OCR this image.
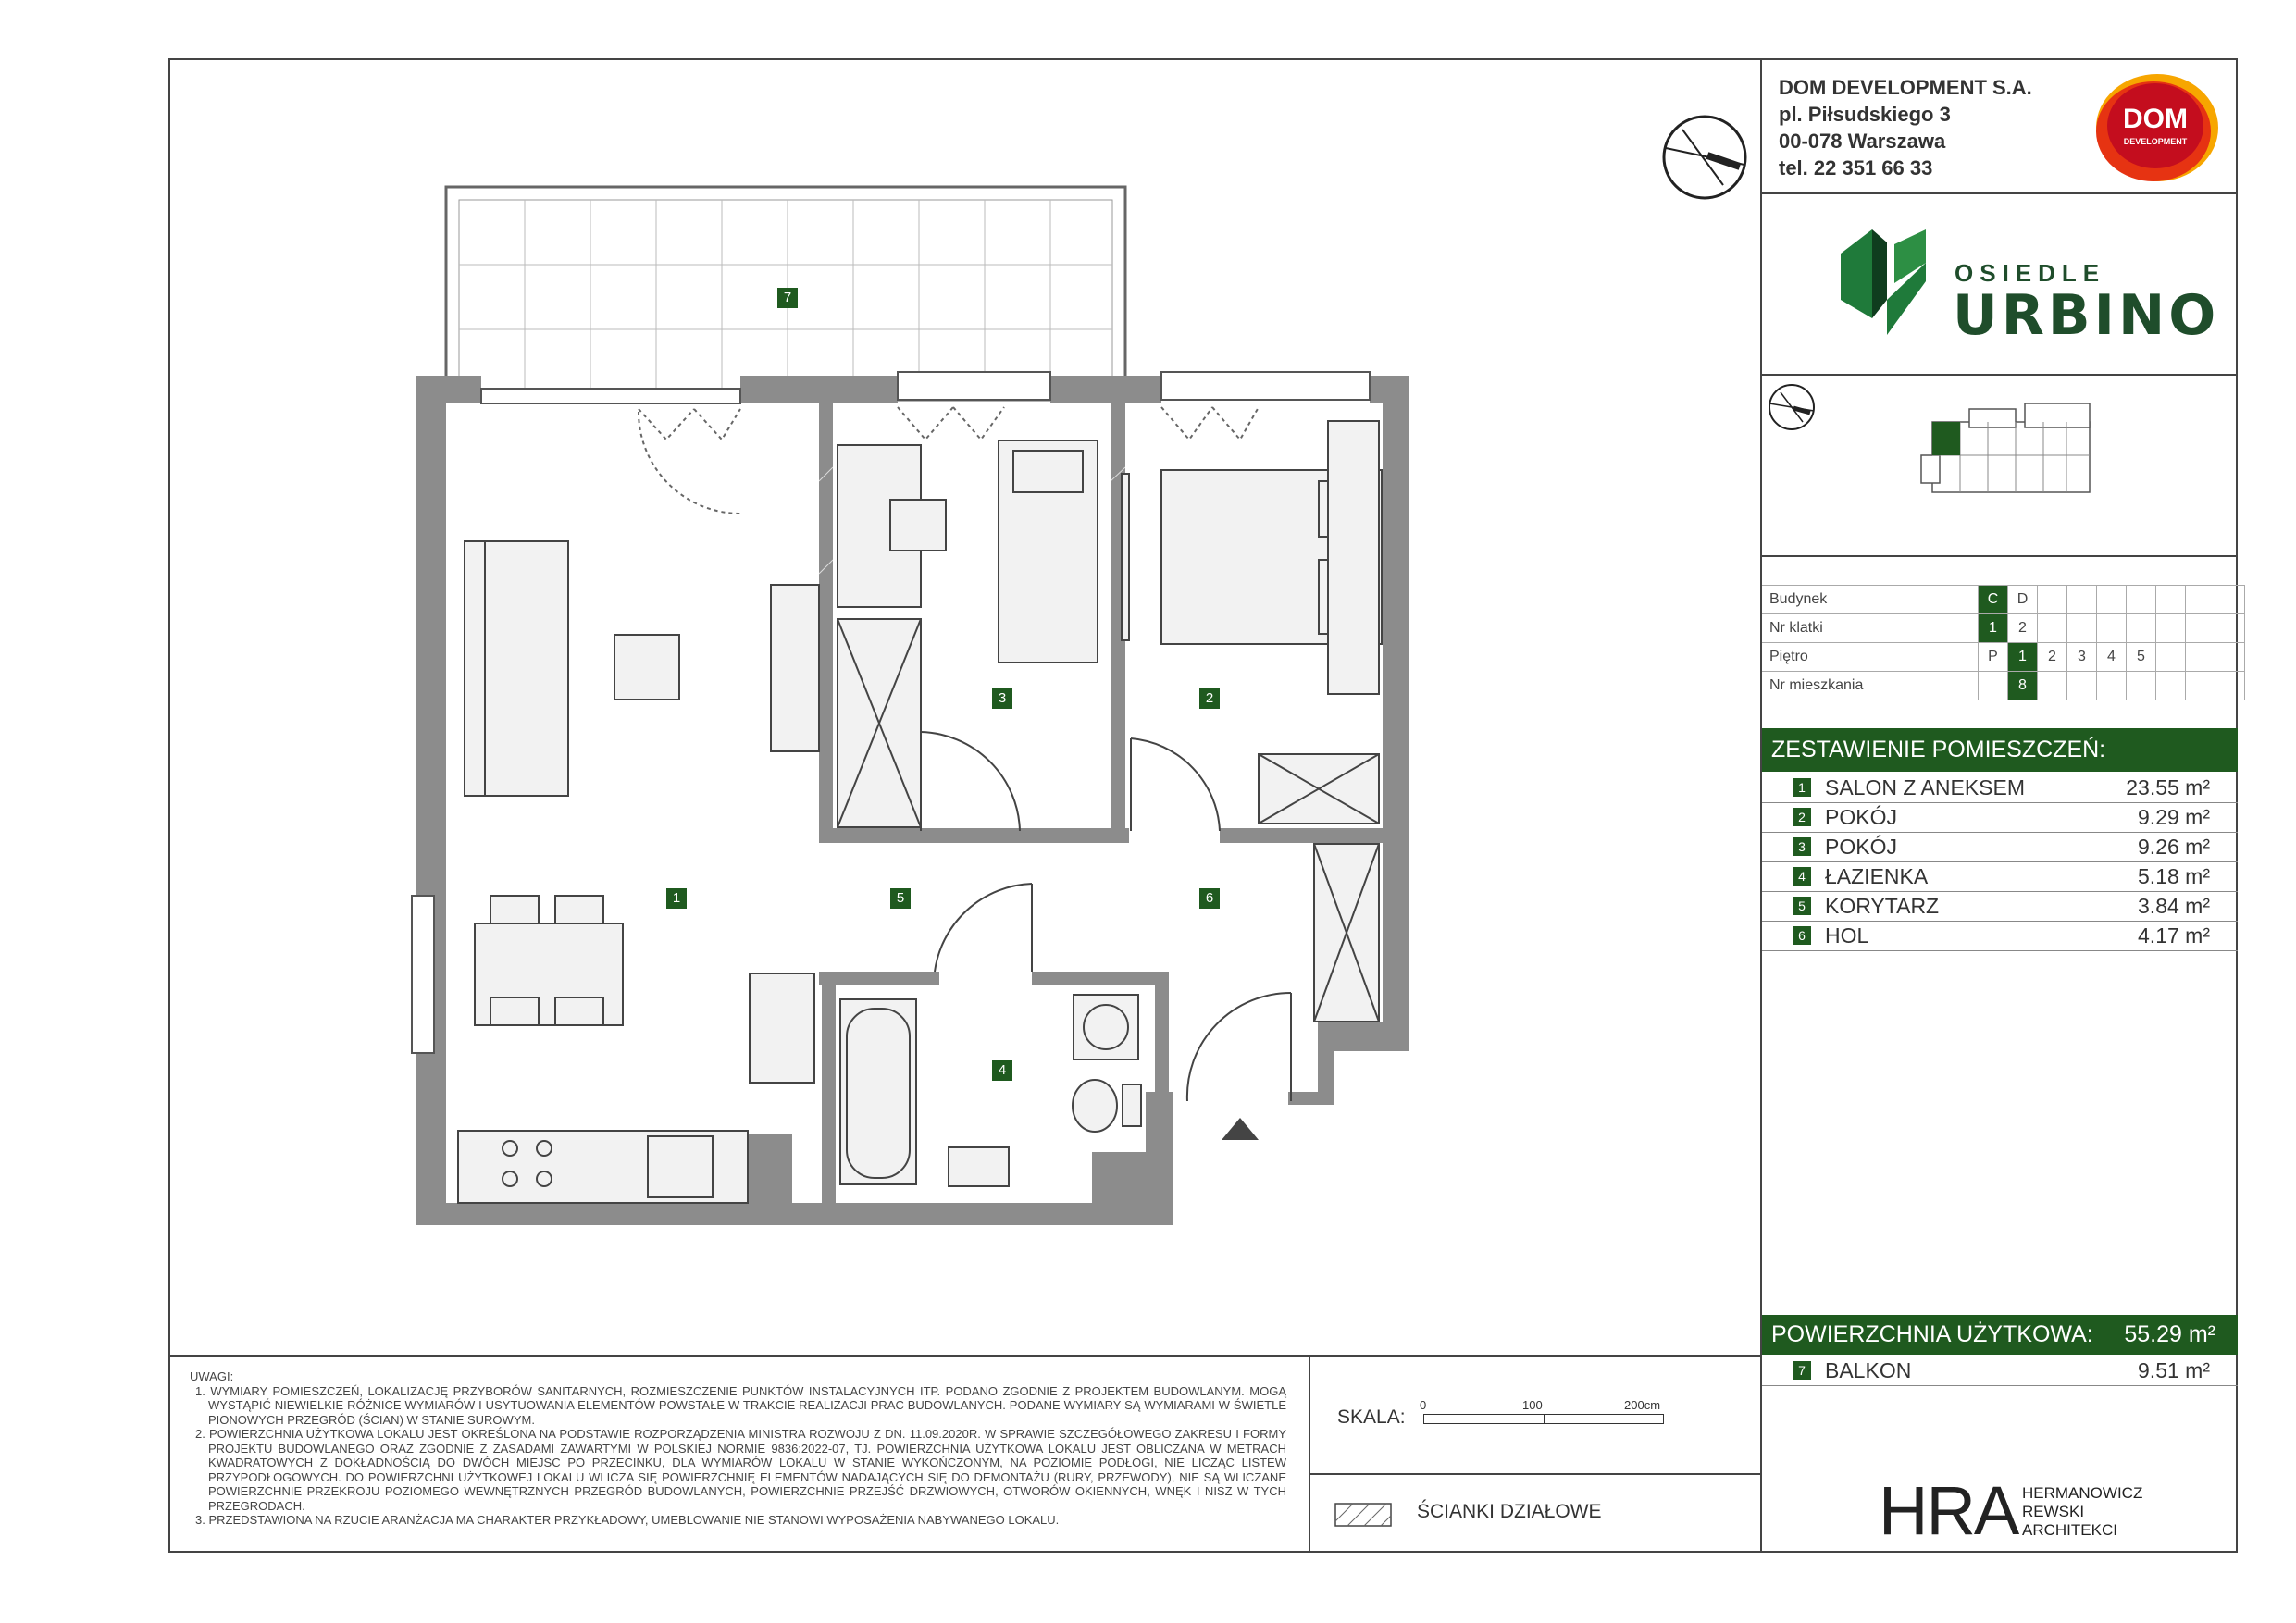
7
3	2
1	5	6
4
DOM DEVELOPMENT S.A.
pl. Piłsudskiego 3
00-078 Warszawa
tel. 22 351 66 33
DOM
DEVELOPMENT
OSIEDLE
URBINO
Budynek	C	D							
Nr klatki	1	2							
Piętro	P	1	2	3	4	5			
Nr mieszkania		8							
ZESTAWIENIE POMIESZCZEŃ:
1 SALON Z ANEKSEM	23.55 m²
2 POKÓJ	9.29 m²
3 POKÓJ	9.26 m²
4 ŁAZIENKA	5.18 m²
5 KORYTARZ	3.84 m²
6 HOL	4.17 m²
POWIERZCHNIA UŻYTKOWA: 55.29 m²
7 BALKON	9.51 m²

UWAGI:

1. WYMIARY POMIESZCZEŃ, LOKALIZACJĘ PRZYBORÓW SANITARNYCH, ROZMIESZCZENIE PUNKTÓW INSTALACYJNYCH ITP. PODANO ZGODNIE Z PROJEKTEM BUDOWLANYM. MOGĄ WYSTĄPIĆ NIEWIELKIE RÓŻNICE WYMIARÓW I USYTUOWANIA ELEMENTÓW POWSTAŁE W TRAKCIE REALIZACJI PRAC BUDOWLANYCH. PODANE WYMIARY SĄ WYMIARAMI W ŚWIETLE PIONOWYCH PRZEGRÓD (ŚCIAN) W STANIE SUROWYM.

2. POWIERZCHNIA UŻYTKOWA LOKALU JEST OKREŚLONA NA PODSTAWIE ROZPORZĄDZENIA MINISTRA ROZWOJU Z DN. 11.09.2020R. W SPRAWIE SZCZEGÓŁOWEGO ZAKRESU I FORMY PROJEKTU BUDOWLANEGO ORAZ ZGODNIE Z ZASADAMI ZAWARTYMI W POLSKIEJ NORMIE 9836:2022-07, TJ. POWIERZCHNIA UŻYTKOWA LOKALU JEST OBLICZANA W METRACH KWADRATOWYCH Z DOKŁADNOŚCIĄ DO DWÓCH MIEJSC PO PRZECINKU, DLA WYMIARÓW LOKALU W STANIE WYKOŃCZONYM, NA POZIOMIE PODŁOGI, NIE LICZĄC LISTEW PRZYPODŁOGOWYCH. DO POWIERZCHNI UŻYTKOWEJ LOKALU WLICZA SIĘ POWIERZCHNIĘ ELEMENTÓW NADAJĄCYCH SIĘ DO DEMONTAŻU (RURY, PRZEWODY), NIE SĄ WLICZANE POWIERZCHNIE PRZEKROJU POZIOMEGO WEWNĘTRZNYCH PRZEGRÓD BUDOWLANYCH, POWIERZCHNIE PRZEJŚĆ DRZWIOWYCH, OTWORÓW OKIENNYCH, WNĘK I NISZ W TYCH PRZEGRODACH.

3. PRZEDSTAWIONA NA RZUCIE ARANŻACJA MA CHARAKTER PRZYKŁADOWY, UMEBLOWANIE NIE STANOWI WYPOSAŻENIA NABYWANEGO LOKALU.

SKALA:
0	100	200cm
ŚCIANKI DZIAŁOWE	HRA HERMANOWICZ
REWSKI
ARCHITEKCI
